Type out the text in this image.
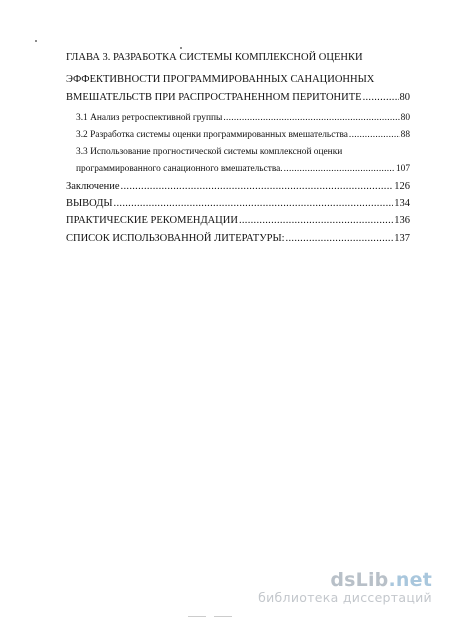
ГЛАВА 3. РАЗРАБОТКА СИСТЕМЫ КОМПЛЕКСНОЙ ОЦЕНКИ
ЭФФЕКТИВНОСТИ ПРОГРАММИРОВАННЫХ САНАЦИОННЫХ
ВМЕШАТЕЛЬСТВ ПРИ РАСПРОСТРАНЕННОМ ПЕРИТОНИТЕ .....	80
3.1 Анализ ретроспективной группы .....	80
3.2 Разработка системы оценки программированных вмешательства .....	88
3.3 Использование прогностической системы комплексной оценки
программированного санационного вмешательства. .....	107
Заключение .....	126
ВЫВОДЫ .....	134
ПРАКТИЧЕСКИЕ РЕКОМЕНДАЦИИ .....	136
СПИСОК ИСПОЛЬЗОВАННОЙ ЛИТЕРАТУРЫ: .....	137
dsLib.net
библиотека диссертаций
